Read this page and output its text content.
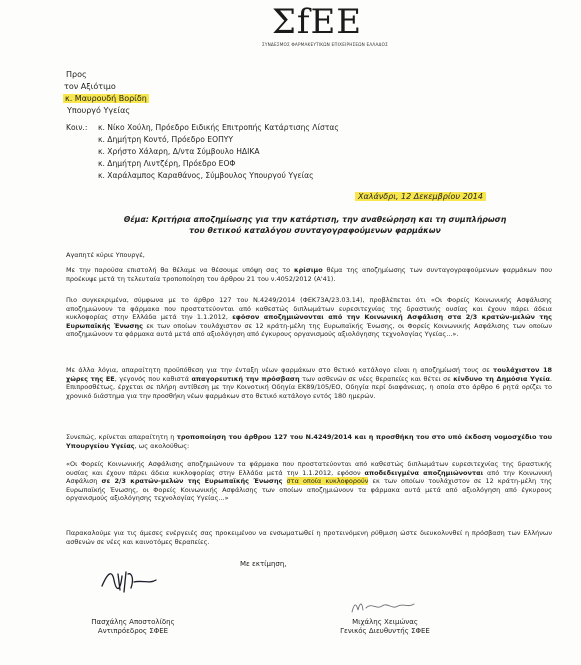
ΣfEE
ΣΥΝΔΕΣΜΟΣ ΦΑΡΜΑΚΕΥΤΙΚΩΝ ΕΠΙΧΕΙΡΗΣΕΩΝ ΕΛΛΑΔΟΣ
Προς
τον Αξιότιμο
κ. Μαυρουδή Βορίδη
Υπουργό Υγείας
Κοιν.: κ. Νίκο Χούλη, Πρόεδρο Ειδικής Επιτροπής Κατάρτισης Λίστας
κ. Δημήτρη Κοντό, Πρόεδρο ΕΟΠΥΥ
κ. Χρήστο Χάλαρη, Δ/ντα Σύμβουλο ΗΔΙΚΑ
κ. Δημήτρη Λιντζέρη, Πρόεδρο ΕΟΦ
κ. Χαράλαμπος Καραθάνος, Σύμβουλος Υπουργού Υγείας
Χαλάνδρι, 12 Δεκεμβρίου 2014
Θέμα: Κριτήρια αποζημίωσης για την κατάρτιση, την αναθεώρηση και τη συμπλήρωση
του θετικού καταλόγου συνταγογραφούμενων φαρμάκων
Αγαπητέ κύριε Υπουργέ,
Με την παρούσα επιστολή θα θέλαμε να θέσουμε υπόψη σας το κρίσιμο θέμα της αποζημίωσης των συνταγογραφούμενων φαρμάκων που προέκυψε μετά τη τελευταία τροποποίηση του άρθρου 21 του ν.4052/2012 (Α'41).
Πιο συγκεκριμένα, σύμφωνα με το άρθρο 127 του Ν.4249/2014 (ΦΕΚ73Α/23.03.14), προβλέπεται ότι «Οι Φορείς Κοινωνικής Ασφάλισης αποζημιώνουν τα φάρμακα που προστατεύονται από καθεστώς διπλωμάτων ευρεσιτεχνίας της δραστικής ουσίας και έχουν πάρει άδεια κυκλοφορίας στην Ελλάδα μετά την 1.1.2012, εφόσον αποζημιώνονται από την Κοινωνική Ασφάλιση στα 2/3 κρατών-μελών της Ευρωπαϊκής Ένωσης εκ των οποίων τουλάχιστον σε 12 κράτη-μέλη της Ευρωπαϊκής Ένωσης, οι Φορείς Κοινωνικής Ασφάλισης των οποίων αποζημιώνουν τα φάρμακα αυτά μετά από αξιολόγηση από έγκυρους οργανισμούς αξιολόγησης τεχνολογίας Υγείας...».
Με άλλα λόγια, απαραίτητη προϋπόθεση για την ένταξη νέων φαρμάκων στο θετικό κατάλογο είναι η αποζημίωσή τους σε τουλάχιστον 18 χώρες της ΕΕ, γεγονός που καθιστά απαγορευτική την πρόσβαση των ασθενών σε νέες θεραπείες και θέτει σε κίνδυνο τη Δημόσια Υγεία. Επιπροσθέτως, έρχεται σε πλήρη αντίθεση με την Κοινοτική Οδηγία ΕΚ89/105/ΕΟ, Οδηγία περί διαφάνειας, η οποία στο άρθρο 6 ρητά ορίζει το χρονικό διάστημα για την προσθήκη νέων φαρμάκων στο θετικό κατάλογο εντός 180 ημερών.
Συνεπώς, κρίνεται απαραίτητη η τροποποίηση του άρθρου 127 του Ν.4249/2014 και η προσθήκη του στο υπό έκδοση νομοσχέδιο του Υπουργείου Υγείας, ως ακολούθως:
«Οι Φορείς Κοινωνικής Ασφάλισης αποζημιώνουν τα φάρμακα που προστατεύονται από καθεστώς διπλωμάτων ευρεσιτεχνίας της δραστικής ουσίας και έχουν πάρει άδεια κυκλοφορίας στην Ελλάδα μετά την 1.1.2012, εφόσον αποδεδειγμένα αποζημιώνονται από την Κοινωνική Ασφάλιση σε 2/3 κρατών-μελών της Ευρωπαϊκής Ένωσης στα οποία κυκλοφορούν εκ των οποίων τουλάχιστον σε 12 κράτη-μέλη της Ευρωπαϊκής Ένωσης, οι Φορείς Κοινωνικής Ασφάλισης των οποίων αποζημιώνουν τα φάρμακα αυτά μετά από αξιολόγηση από έγκυρους οργανισμούς αξιολόγησης τεχνολογίας Υγείας...»
Παρακαλούμε για τις άμεσες ενέργειές σας προκειμένου να ενσωματωθεί η προτεινόμενη ρύθμιση ώστε διευκολυνθεί η πρόσβαση των Ελλήνων ασθενών σε νέες και καινοτόμες θεραπείες.
Με εκτίμηση,
Πασχάλης Αποστολίδης
Αντιπρόεδρος ΣΦΕΕ
Μιχάλης Χειμώνας
Γενικός Διευθυντής ΣΦΕΕ
